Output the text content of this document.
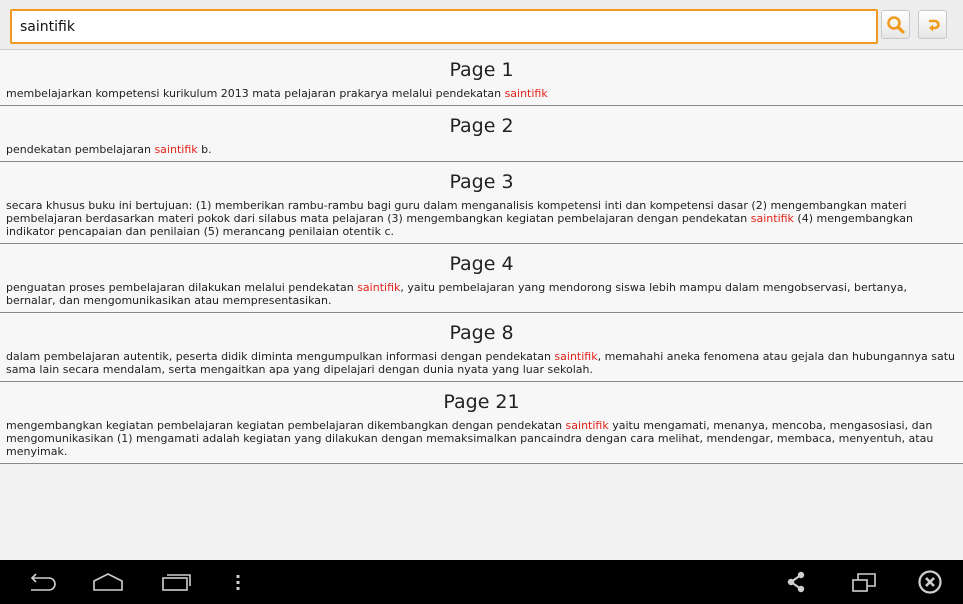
saintifik
Page 1
membelajarkan kompetensi kurikulum 2013 mata pelajaran prakarya melalui pendekatan saintifik
Page 2
pendekatan pembelajaran saintifik b.
Page 3
secara khusus buku ini bertujuan: (1) memberikan rambu-rambu bagi guru dalam menganalisis kompetensi inti dan kompetensi dasar (2) mengembangkan materi pembelajaran berdasarkan materi pokok dari silabus mata pelajaran (3) mengembangkan kegiatan pembelajaran dengan pendekatan saintifik (4) mengembangkan indikator pencapaian dan penilaian (5) merancang penilaian otentik c.
Page 4
penguatan proses pembelajaran dilakukan melalui pendekatan saintifik, yaitu pembelajaran yang mendorong siswa lebih mampu dalam mengobservasi, bertanya, bernalar, dan mengomunikasikan atau mempresentasikan.
Page 8
dalam pembelajaran autentik, peserta didik diminta mengumpulkan informasi dengan pendekatan saintifik, memahahi aneka fenomena atau gejala dan hubungannya satu sama lain secara mendalam, serta mengaitkan apa yang dipelajari dengan dunia nyata yang luar sekolah.
Page 21
mengembangkan kegiatan pembelajaran kegiatan pembelajaran dikembangkan dengan pendekatan saintifik yaitu mengamati, menanya, mencoba, mengasosiasi, dan mengomunikasikan (1) mengamati adalah kegiatan yang dilakukan dengan memaksimalkan pancaindra dengan cara melihat, mendengar, membaca, menyentuh, atau menyimak.
